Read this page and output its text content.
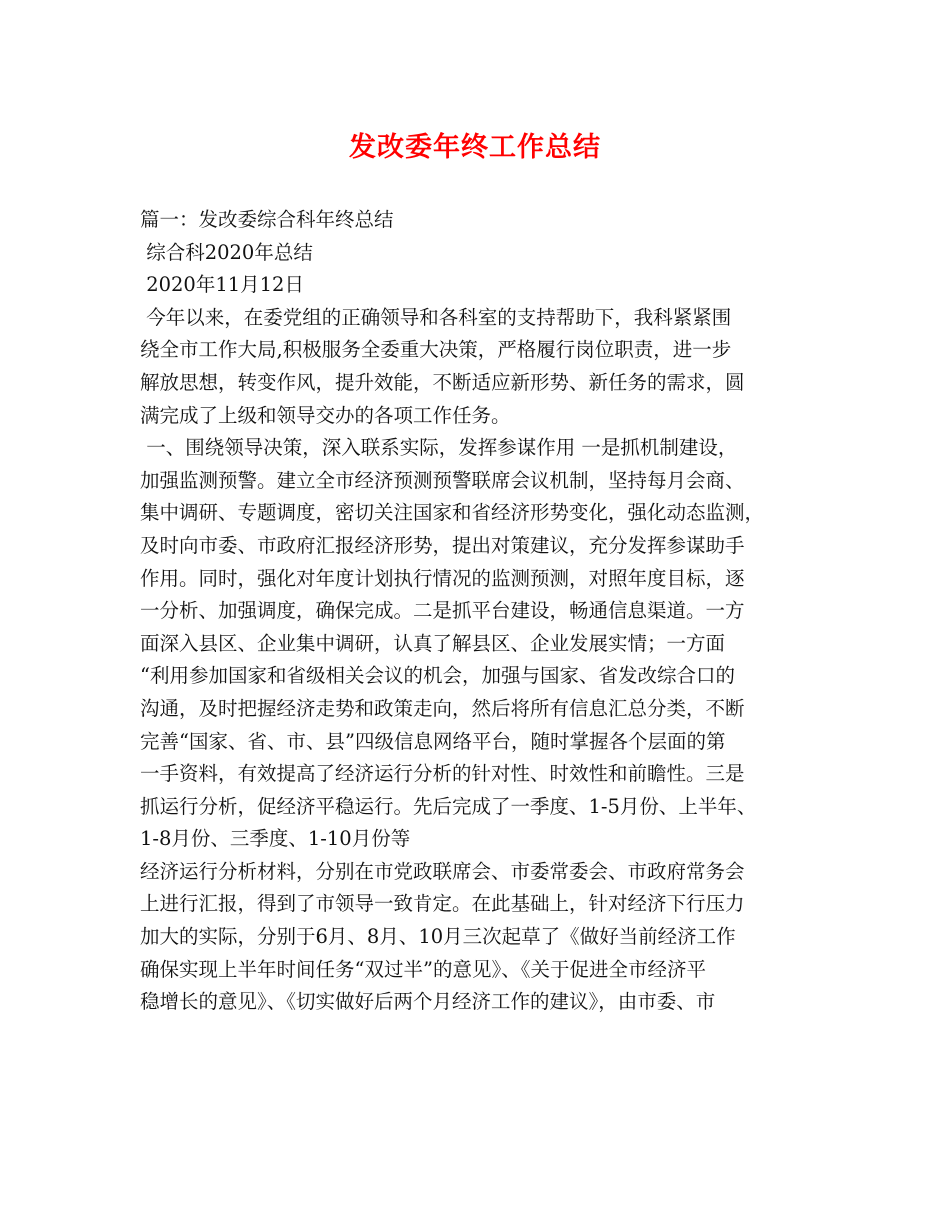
发改委年终工作总结
篇一：发改委综合科年终总结
综合科2020年总结
2020年11月12日
今年以来，在委党组的正确领导和各科室的支持帮助下，我科紧紧围
绕全市工作大局,积极服务全委重大决策，严格履行岗位职责，进一步
解放思想，转变作风，提升效能，不断适应新形势、新任务的需求，圆
满完成了上级和领导交办的各项工作任务。
一、围绕领导决策，深入联系实际，发挥参谋作用 一是抓机制建设，
加强监测预警。建立全市经济预测预警联席会议机制，坚持每月会商、
集中调研、专题调度，密切关注国家和省经济形势变化，强化动态监测，
及时向市委、市政府汇报经济形势，提出对策建议，充分发挥参谋助手
作用。同时，强化对年度计划执行情况的监测预测，对照年度目标，逐
一分析、加强调度，确保完成。二是抓平台建设，畅通信息渠道。一方
面深入县区、企业集中调研，认真了解县区、企业发展实情；一方面
“利用参加国家和省级相关会议的机会，加强与国家、省发改综合口的
沟通，及时把握经济走势和政策走向，然后将所有信息汇总分类，不断
完善“国家、省、市、县”四级信息网络平台，随时掌握各个层面的第
一手资料，有效提高了经济运行分析的针对性、时效性和前瞻性。三是
抓运行分析，促经济平稳运行。先后完成了一季度、1-5月份、上半年、
1-8月份、三季度、1-10月份等
经济运行分析材料，分别在市党政联席会、市委常委会、市政府常务会
上进行汇报，得到了市领导一致肯定。在此基础上，针对经济下行压力
加大的实际，分别于6月、8月、10月三次起草了《做好当前经济工作
确保实现上半年时间任务“双过半”的意见》、《关于促进全市经济平
稳增长的意见》、《切实做好后两个月经济工作的建议》，由市委、市
